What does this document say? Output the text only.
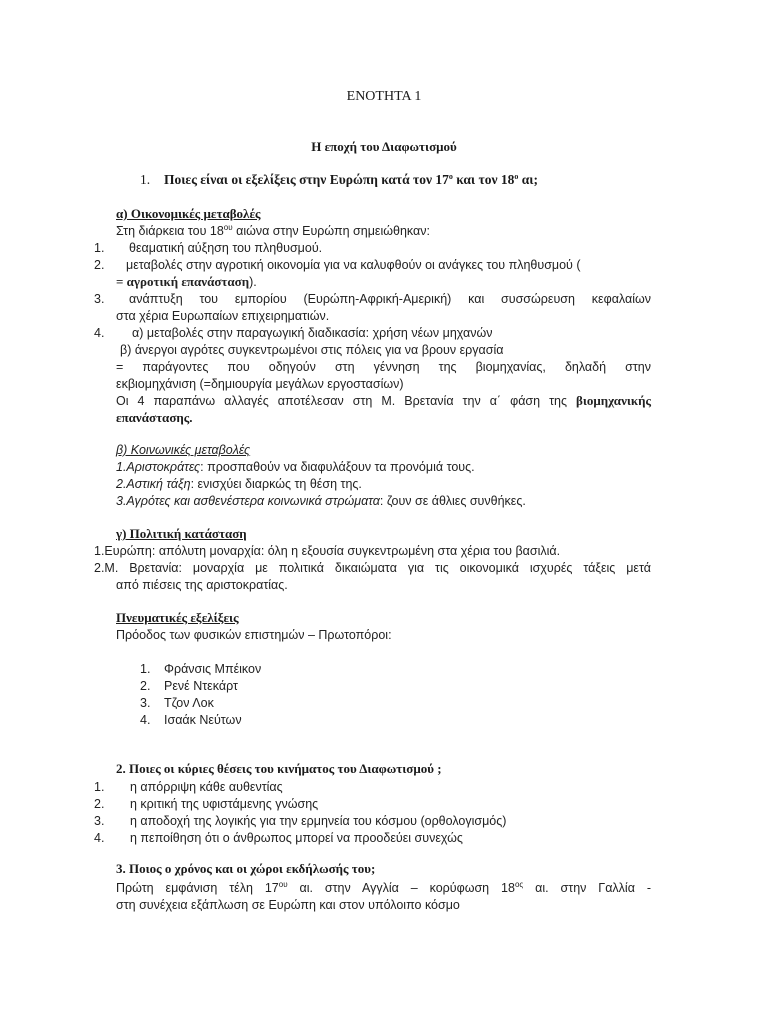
ΕΝΟΤΗΤΑ 1
Η εποχή του Διαφωτισμού
1. Ποιες είναι οι εξελίξεις στην Ευρώπη κατά τον $17^o$ και τον $18^o$ αι;
α) Οικονομικές μεταβολές
Στη διάρκεια του $18^{o\upsilon}$ αιώνα στην Ευρώπη σημειώθηκαν:
1. θεαματική αύξηση του πληθυσμού.
2. μεταβολές στην αγροτική οικονομία για να καλυφθούν οι ανάγκες του πληθυσμού (
= αγροτική επανάσταση).
3. ανάπτυξη του εμπορίου (Ευρώπη-Αφρική-Αμερική) και συσσώρευση κεφαλαίων
στα χέρια Ευρωπαίων επιχειρηματιών.
4. α) μεταβολές στην παραγωγική διαδικασία: χρήση νέων μηχανών
β) άνεργοι αγρότες συγκεντρωμένοι στις πόλεις για να βρουν εργασία
= παράγοντες που οδηγούν στη γέννηση της βιομηχανίας, δηλαδή στην
εκβιομηχάνιση (=δημιουργία μεγάλων εργοστασίων)
Οι 4 παραπάνω αλλαγές αποτέλεσαν στη Μ. Βρετανία την α΄ φάση της βιομηχανικής
επανάστασης.
β) Κοινωνικές μεταβολές
1.Αριστοκράτες: προσπαθούν να διαφυλάξουν τα προνόμιά τους.
2.Αστική τάξη: ενισχύει διαρκώς τη θέση της.
3.Αγρότες και ασθενέστερα κοινωνικά στρώματα: ζουν σε άθλιες συνθήκες.
γ) Πολιτική κατάσταση
1.Ευρώπη: απόλυτη μοναρχία: όλη η εξουσία συγκεντρωμένη στα χέρια του βασιλιά.
2.Μ. Βρετανία: μοναρχία με πολιτικά δικαιώματα για τις οικονομικά ισχυρές τάξεις μετά
από πιέσεις της αριστοκρατίας.
Πνευματικές εξελίξεις
Πρόοδος των φυσικών επιστημών – Πρωτοπόροι:
1. Φράνσις Μπέικον
2. Ρενέ Ντεκάρτ
3. Τζον Λοκ
4. Ισαάκ Νεύτων
2. Ποιες οι κύριες θέσεις του κινήματος του Διαφωτισμού ;
1. η απόρριψη κάθε αυθεντίας
2. η κριτική της υφιστάμενης γνώσης
3. η αποδοχή της λογικής για την ερμηνεία του κόσμου (ορθολογισμός)
4. η πεποίθηση ότι ο άνθρωπος μπορεί να προοδεύει συνεχώς
3. Ποιος ο χρόνος και οι χώροι εκδήλωσής του;
Πρώτη εμφάνιση τέλη $17^{o\upsilon}$ αι. στην Αγγλία – κορύφωση $18^{o\varsigma}$ αι. στην Γαλλία -
στη συνέχεια εξάπλωση σε Ευρώπη και στον υπόλοιπο κόσμο
